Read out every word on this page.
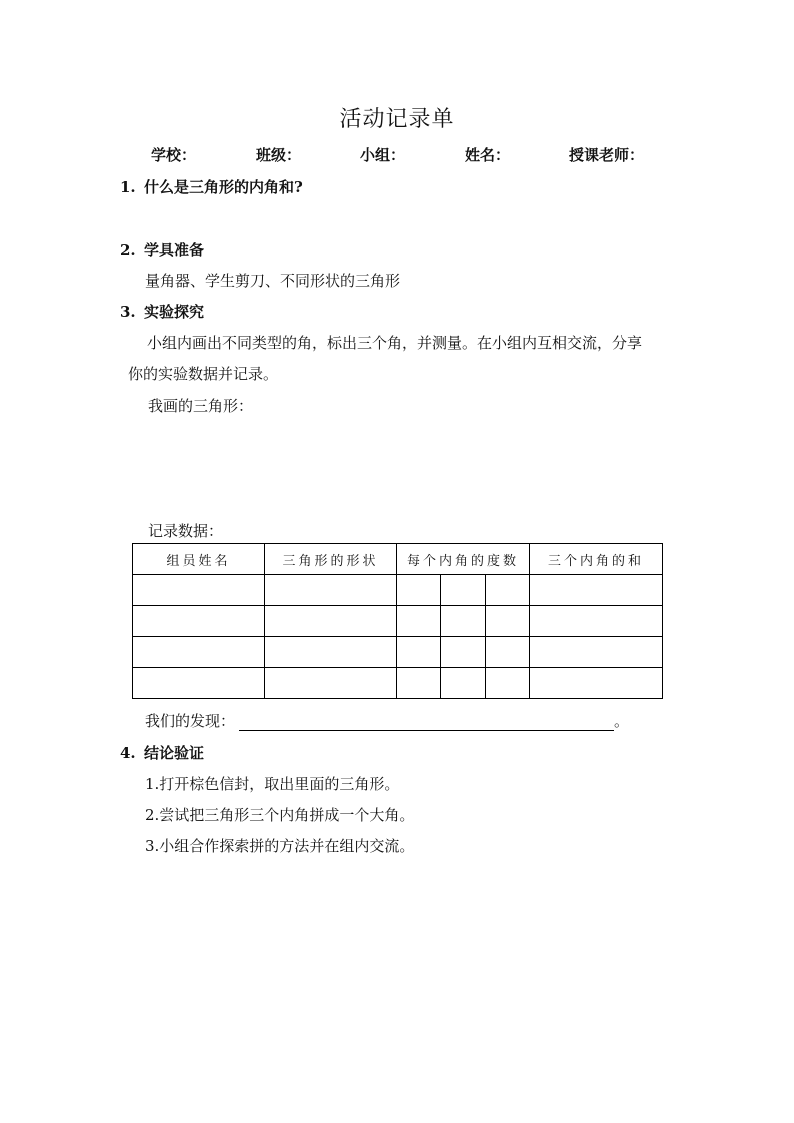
活动记录单
学校：	班级：	小组：	姓名：	授课老师：
1. 什么是三角形的内角和?
2. 学具准备
量角器、学生剪刀、不同形状的三角形
3. 实验探究
小组内画出不同类型的角，标出三个角，并测量。在小组内互相交流，分享
你的实验数据并记录。
我画的三角形：
记录数据：
组员姓名	三角形的形状	每个内角的度数			三个内角的和

我们的发现：	。
4. 结论验证
1.打开棕色信封，取出里面的三角形。
2.尝试把三角形三个内角拼成一个大角。
3.小组合作探索拼的方法并在组内交流。
